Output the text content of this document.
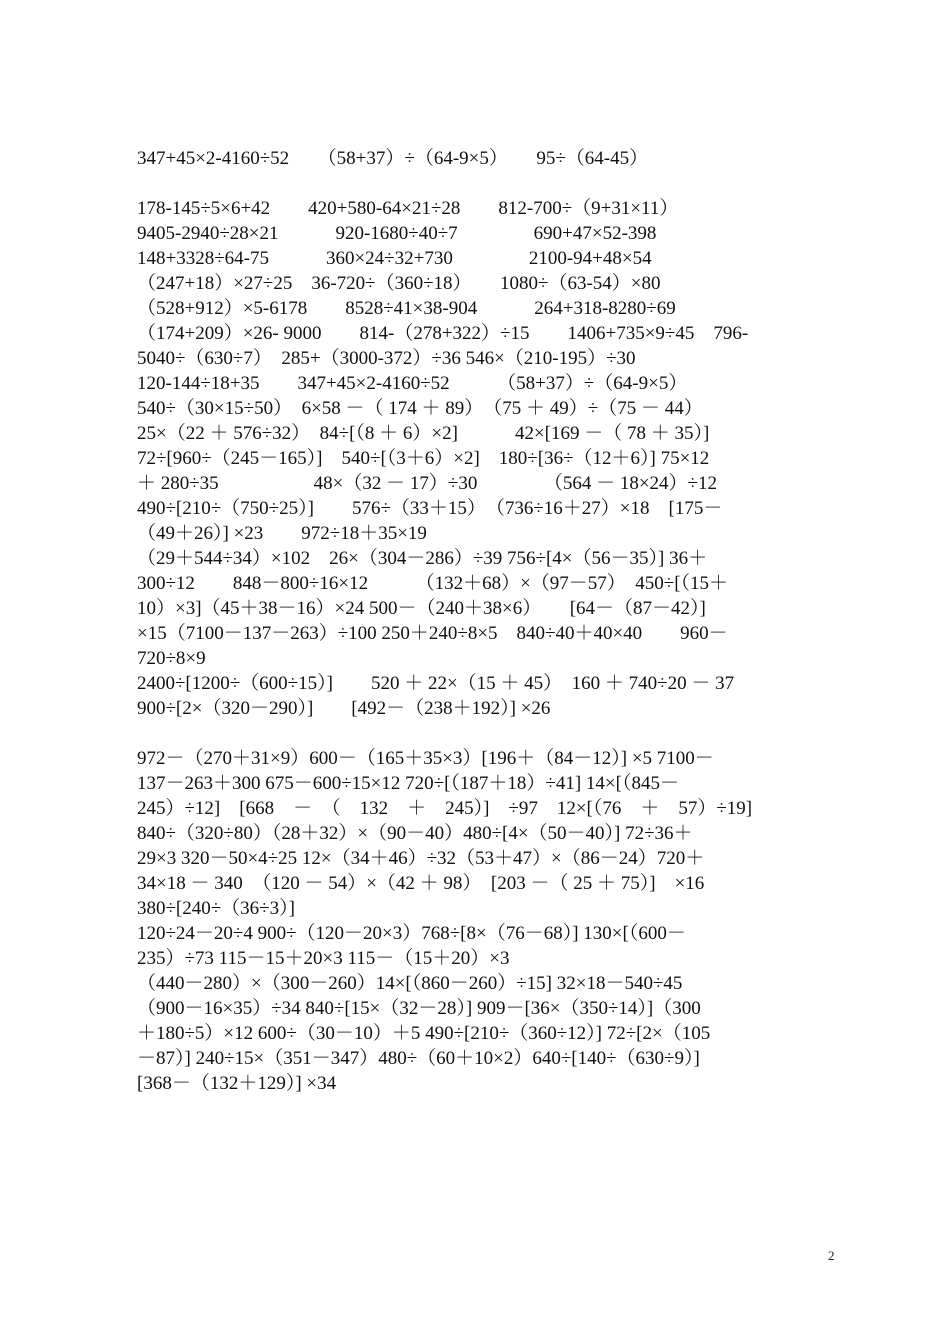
347+45×2-4160÷52　　（58+37）÷（64-9×5）　　95÷（64-45）
178-145÷5×6+42　　420+580-64×21÷28　　812-700÷（9+31×11）
9405-2940÷28×21　　　920-1680÷40÷7　　　　690+47×52-398
148+3328÷64-75　　　360×24÷32+730　　　　2100-94+48×54
（247+18）×27÷25　36-720÷（360÷18）　　1080÷（63-54）×80
（528+912）×5-6178　　8528÷41×38-904　　　264+318-8280÷69
（174+209）×26- 9000　　814-（278+322）÷15　　1406+735×9÷45　796-
5040÷（630÷7）　285+（3000-372）÷36 546×（210-195）÷30
120-144÷18+35　　347+45×2-4160÷52　　　（58+37）÷（64-9×5）
540÷（30×15÷50）　6×58 －（ 174 ＋ 89）　（75 ＋ 49）÷（75 － 44）
25×（22 ＋ 576÷32）　84÷[（8 ＋ 6）×2]　　　42×[169 －（ 78 ＋ 35）]
72÷[960÷（245－165）]　540÷[（3＋6）×2]　180÷[36÷（12＋6）] 75×12
＋ 280÷35　　　　　48×（32 － 17）÷30　　　　（564 － 18×24）÷12
490÷[210÷（750÷25）]　　576÷（33＋15）　（736÷16＋27）×18　[175－
（49＋26）] ×23　　972÷18＋35×19
（29＋544÷34）×102　26×（304－286）÷39 756÷[4×（56－35）] 36＋
300÷12　　848－800÷16×12　　　（132＋68）×（97－57）　450÷[（15＋
10）×3]（45＋38－16）×24 500－（240＋38×6）　　[64－（87－42）]
×15（7100－137－263）÷100 250＋240÷8×5　840÷40＋40×40　　960－
720÷8×9
2400÷[1200÷（600÷15）]　　520 ＋ 22×（15 ＋ 45）　160 ＋ 740÷20 － 37
900÷[2×（320－290）]　　[492－（238＋192）] ×26
972－（270＋31×9）600－（165＋35×3）[196＋（84－12）] ×5 7100－
137－263＋300 675－600÷15×12 720÷[（187＋18）÷41] 14×[（845－
245）÷12]　[668　－　（　132　＋　245）]　÷97　12×[（76　＋　57）÷19]
840÷（320÷80）（28＋32）×（90－40）480÷[4×（50－40）] 72÷36＋
29×3 320－50×4÷25 12×（34＋46）÷32（53＋47）×（86－24）720＋
34×18 － 340　（120 － 54）×（42 ＋ 98）　[203 －（ 25 ＋ 75）]　×16
380÷[240÷（36÷3）]
120÷24－20÷4 900÷（120－20×3）768÷[8×（76－68）] 130×[（600－
235）÷73 115－15＋20×3 115－（15＋20）×3
（440－280）×（300－260）14×[（860－260）÷15] 32×18－540÷45
（900－16×35）÷34 840÷[15×（32－28）] 909－[36×（350÷14）]（300
＋180÷5）×12 600÷（30－10）＋5 490÷[210÷（360÷12）] 72÷[2×（105
－87）] 240÷15×（351－347）480÷（60＋10×2）640÷[140÷（630÷9）]
[368－（132＋129）] ×34
2
